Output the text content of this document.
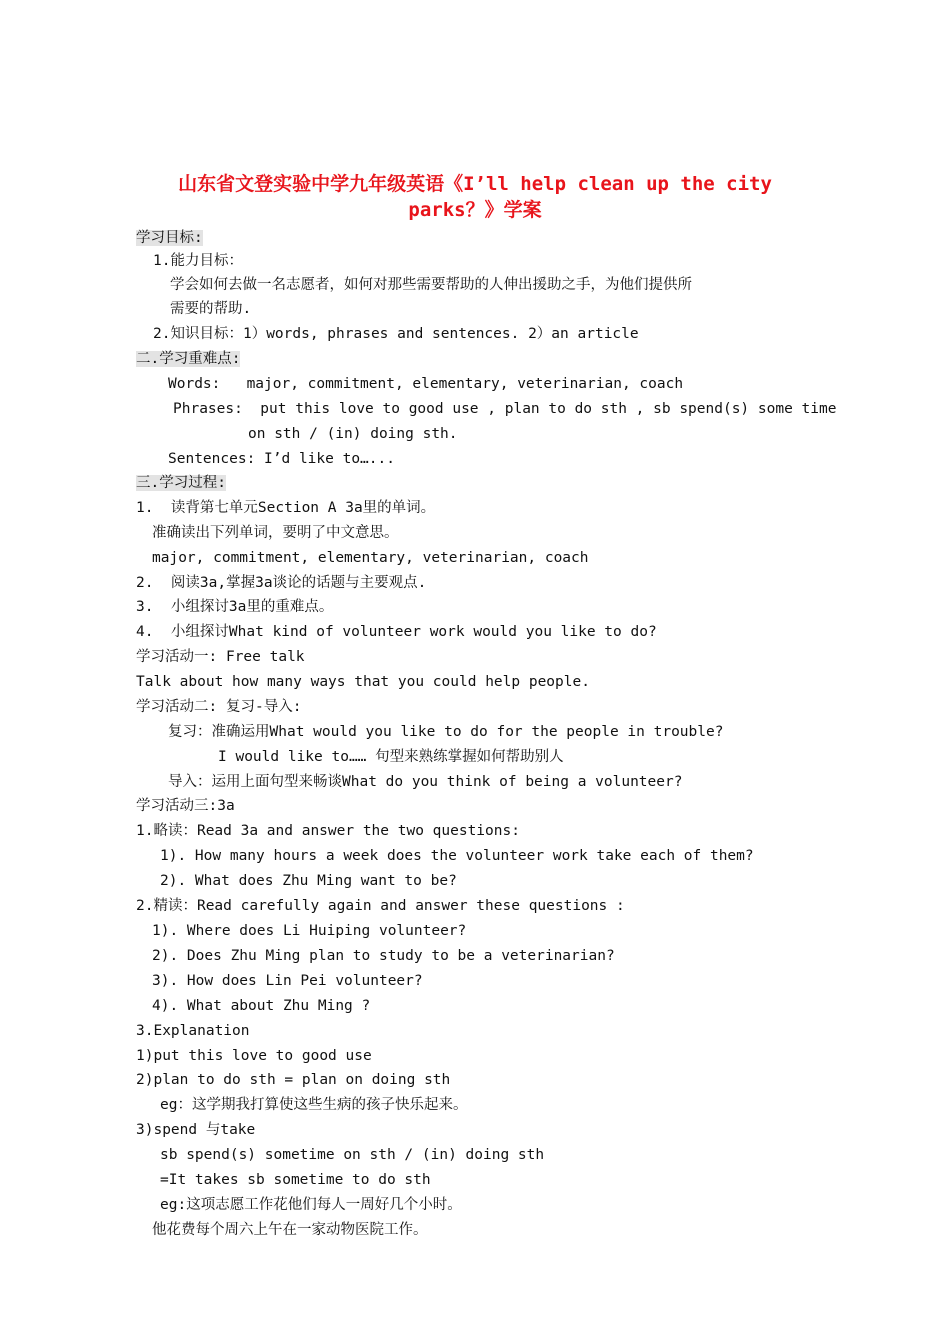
山东省文登实验中学九年级英语《I’ll help clean up the city
parks？》学案
学习目标:
1.能力目标：
学会如何去做一名志愿者，如何对那些需要帮助的人伸出援助之手，为他们提供所
需要的帮助.
2.知识目标：1）words, phrases and sentences. 2）an article
二.学习重难点:
Words:   major, commitment, elementary, veterinarian, coach
Phrases:  put this love to good use , plan to do sth , sb spend(s) some time
on sth / (in) doing sth.
Sentences: I’d like to…...
三.学习过程:
1.  读背第七单元Section A 3a里的单词。
准确读出下列单词，要明了中文意思。
major, commitment, elementary, veterinarian, coach
2.  阅读3a,掌握3a谈论的话题与主要观点.
3.  小组探讨3a里的重难点。
4.  小组探讨What kind of volunteer work would you like to do?
学习活动一: Free talk
Talk about how many ways that you could help people.
学习活动二: 复习-导入:
复习：准确运用What would you like to do for the people in trouble?
I would like to…… 句型来熟练掌握如何帮助别人
导入：运用上面句型来畅谈What do you think of being a volunteer?
学习活动三:3a
1.略读：Read 3a and answer the two questions:
1). How many hours a week does the volunteer work take each of them?
2). What does Zhu Ming want to be?
2.精读：Read carefully again and answer these questions :
1). Where does Li Huiping volunteer?
2). Does Zhu Ming plan to study to be a veterinarian?
3). How does Lin Pei volunteer?
4). What about Zhu Ming ?
3.Explanation
1)put this love to good use
2)plan to do sth = plan on doing sth
eg：这学期我打算使这些生病的孩子快乐起来。
3)spend 与take
sb spend(s) sometime on sth / (in) doing sth
=It takes sb sometime to do sth
eg:这项志愿工作花他们每人一周好几个小时。
他花费每个周六上午在一家动物医院工作。
